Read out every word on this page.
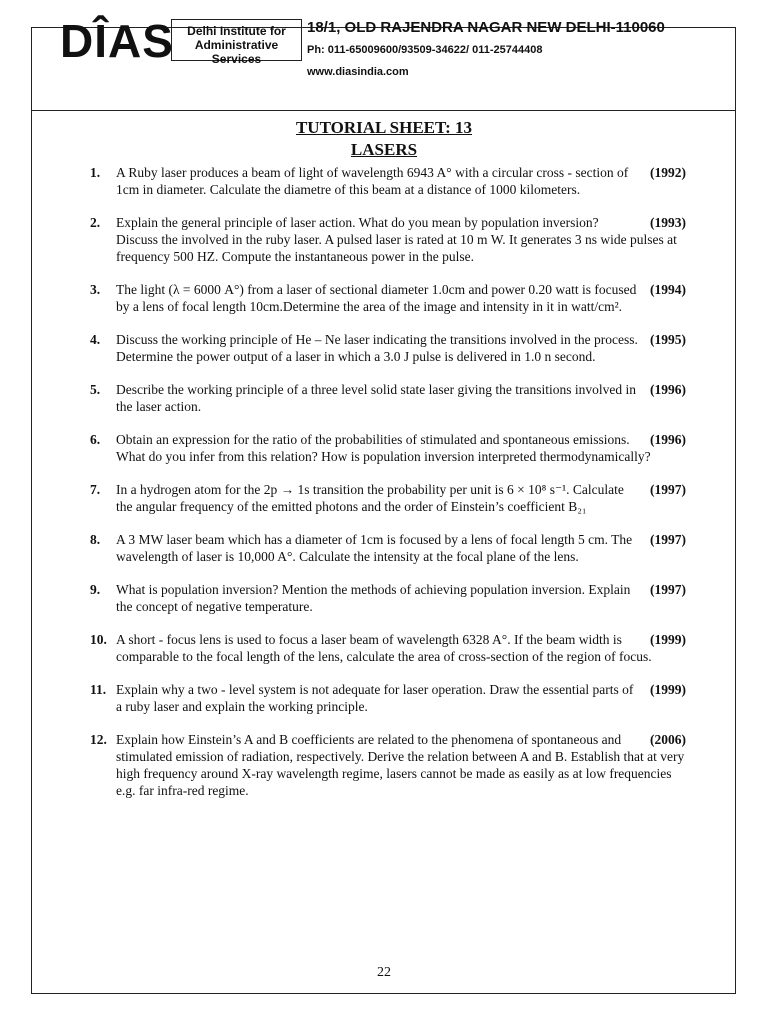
DÎAS	Delhi Institute for
Administrative Services
18/1, OLD RAJENDRA NAGAR NEW DELHI-110060
Ph: 011-65009600/93509-34622/ 011-25744408
www.diasindia.com
TUTORIAL SHEET: 13
LASERS
1.	(1992)
A Ruby laser produces a beam of light of wavelength 6943 A° with a circular cross - section of 1cm in diameter. Calculate the diametre of this beam at a distance of 1000 kilometers.
2.	(1993)
Explain the general principle of laser action. What do you mean by population inversion? Discuss the involved in the ruby laser. A pulsed laser is rated at 10 m W. It generates 3 ns wide pulses at frequency 500 HZ. Compute the instantaneous power in the pulse.
3.	(1994)
The light (λ = 6000 A°) from a laser of sectional diameter 1.0cm and power 0.20 watt is focused by a lens of focal length 10cm.Determine the area of the image and intensity in it in watt/cm².
4.	(1995)
Discuss the working principle of He – Ne laser indicating the transitions involved in the process. Determine the power output of a laser in which a 3.0 J pulse is delivered in 1.0 n second.
5.	(1996)
Describe the working principle of a three level solid state laser giving the transitions involved in the laser action.
6.	(1996)
Obtain an expression for the ratio of the probabilities of stimulated and spontaneous emissions. What do you infer from this relation? How is population inversion interpreted thermodynamically?
7.	(1997)
In a hydrogen atom for the 2p → 1s transition the probability per unit is 6 × 10⁸ s⁻¹. Calculate the angular frequency of the emitted photons and the order of Einstein’s coefficient B₂₁
8.	(1997)
A 3 MW laser beam which has a diameter of 1cm is focused by a lens of focal length 5 cm. The wavelength of laser is 10,000 A°. Calculate the intensity at the focal plane of the lens.
9.	(1997)
What is population inversion? Mention the methods of achieving population inversion. Explain the concept of negative temperature.
10.	(1999)
A short - focus lens is used to focus a laser beam of wavelength 6328 A°. If the beam width is comparable to the focal length of the lens, calculate the area of cross-section of the region of focus.
11.	(1999)
Explain why a two - level system is not adequate for laser operation. Draw the essential parts of a ruby laser and explain the working principle.
12.	(2006)
Explain how Einstein’s A and B coefficients are related to the phenomena of spontaneous and stimulated emission of radiation, respectively. Derive the relation between A and B. Establish that at very high frequency around X-ray wavelength regime, lasers cannot be made as easily as at low frequencies e.g. far infra-red regime.
22
